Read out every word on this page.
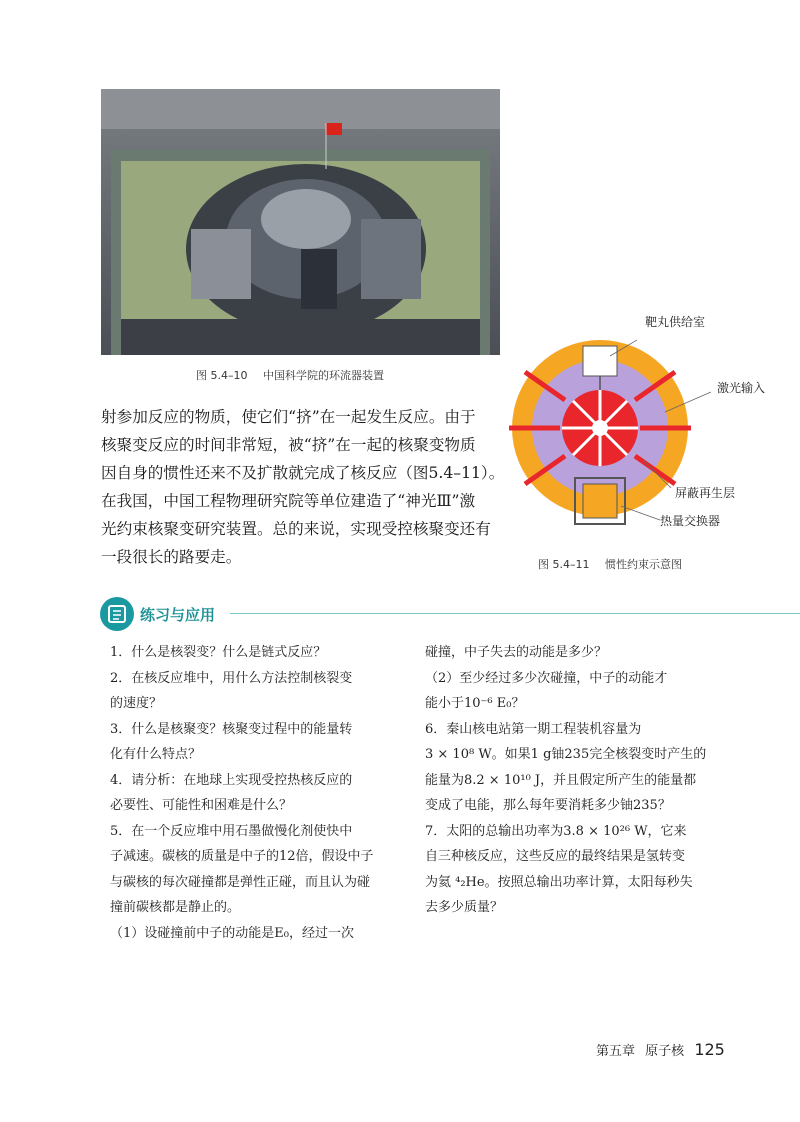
图 5.4–10 中国科学院的环流器装置

射参加反应的物质，使它们“挤”在一起发生反应。由于

核聚变反应的时间非常短，被“挤”在一起的核聚变物质

因自身的惯性还来不及扩散就完成了核反应（图5.4–11）。

在我国，中国工程物理研究院等单位建造了“神光Ⅲ”激

光约束核聚变研究装置。总的来说，实现受控核聚变还有

一段很长的路要走。

靶丸供给室
激光输入
屏蔽再生层
热量交换器
图 5.4–11 惯性约束示意图
练习与应用

1．什么是核裂变？什么是链式反应？

2．在核反应堆中，用什么方法控制核裂变

的速度？

3．什么是核聚变？核聚变过程中的能量转

化有什么特点？

4．请分析：在地球上实现受控热核反应的

必要性、可能性和困难是什么？

5．在一个反应堆中用石墨做慢化剂使快中

子减速。碳核的质量是中子的12倍，假设中子

与碳核的每次碰撞都是弹性正碰，而且认为碰

撞前碳核都是静止的。

（1）设碰撞前中子的动能是E₀，经过一次

碰撞，中子失去的动能是多少？

（2）至少经过多少次碰撞，中子的动能才

能小于10⁻⁶ E₀？

6．秦山核电站第一期工程装机容量为

3 × 10⁸ W。如果1 g铀235完全核裂变时产生的

能量为8.2 × 10¹⁰ J，并且假定所产生的能量都

变成了电能，那么每年要消耗多少铀235？

7．太阳的总输出功率为3.8 × 10²⁶ W，它来

自三种核反应，这些反应的最终结果是氢转变

为氦 ⁴₂He。按照总输出功率计算，太阳每秒失

去多少质量？

第五章 原子核 125
